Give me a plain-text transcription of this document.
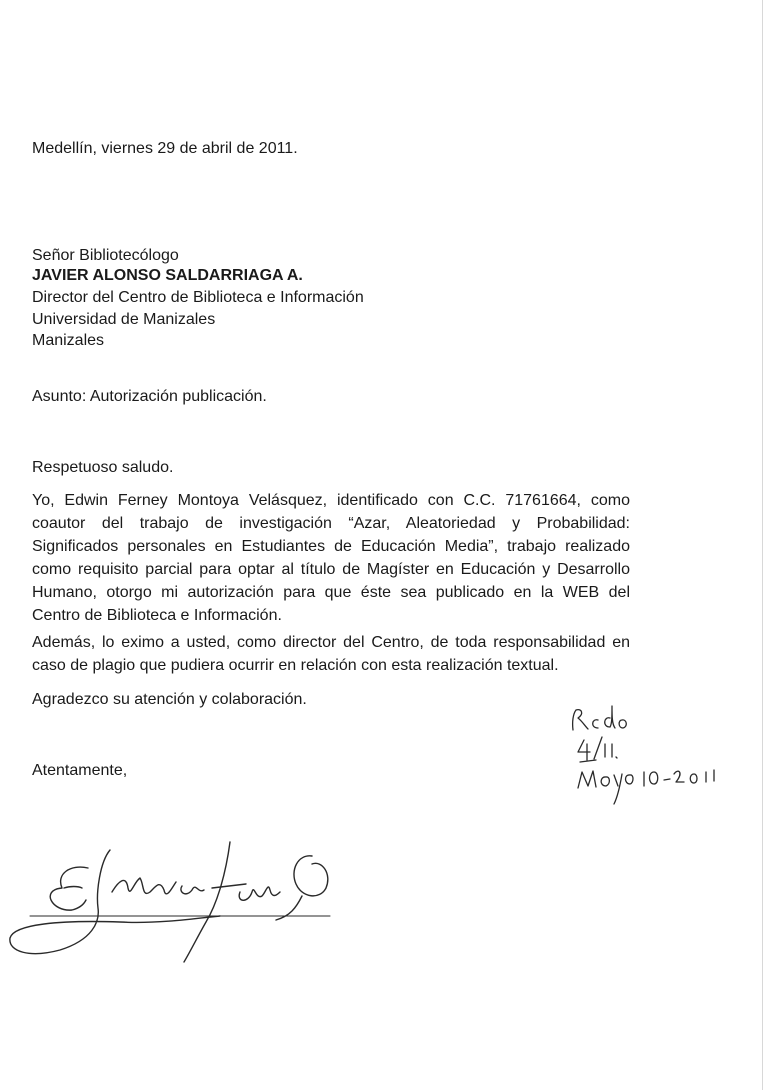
Medellín, viernes 29 de abril de 2011.
Señor Bibliotecólogo
JAVIER ALONSO SALDARRIAGA A.
Director del Centro de Biblioteca e Información
Universidad de Manizales
Manizales
Asunto: Autorización publicación.
Respetuoso saludo.
Yo, Edwin Ferney Montoya Velásquez, identificado con C.C. 71761664, como
coautor del trabajo de investigación “Azar, Aleatoriedad y Probabilidad:
Significados personales en Estudiantes de Educación Media”, trabajo realizado
como requisito parcial para optar al título de Magíster en Educación y Desarrollo
Humano, otorgo mi autorización para que éste sea publicado en la WEB del
Centro de Biblioteca e Información.
Además, lo eximo a usted, como director del Centro, de toda responsabilidad en
caso de plagio que pudiera ocurrir en relación con esta realización textual.
Agradezco su atención y colaboración.
Atentamente,
